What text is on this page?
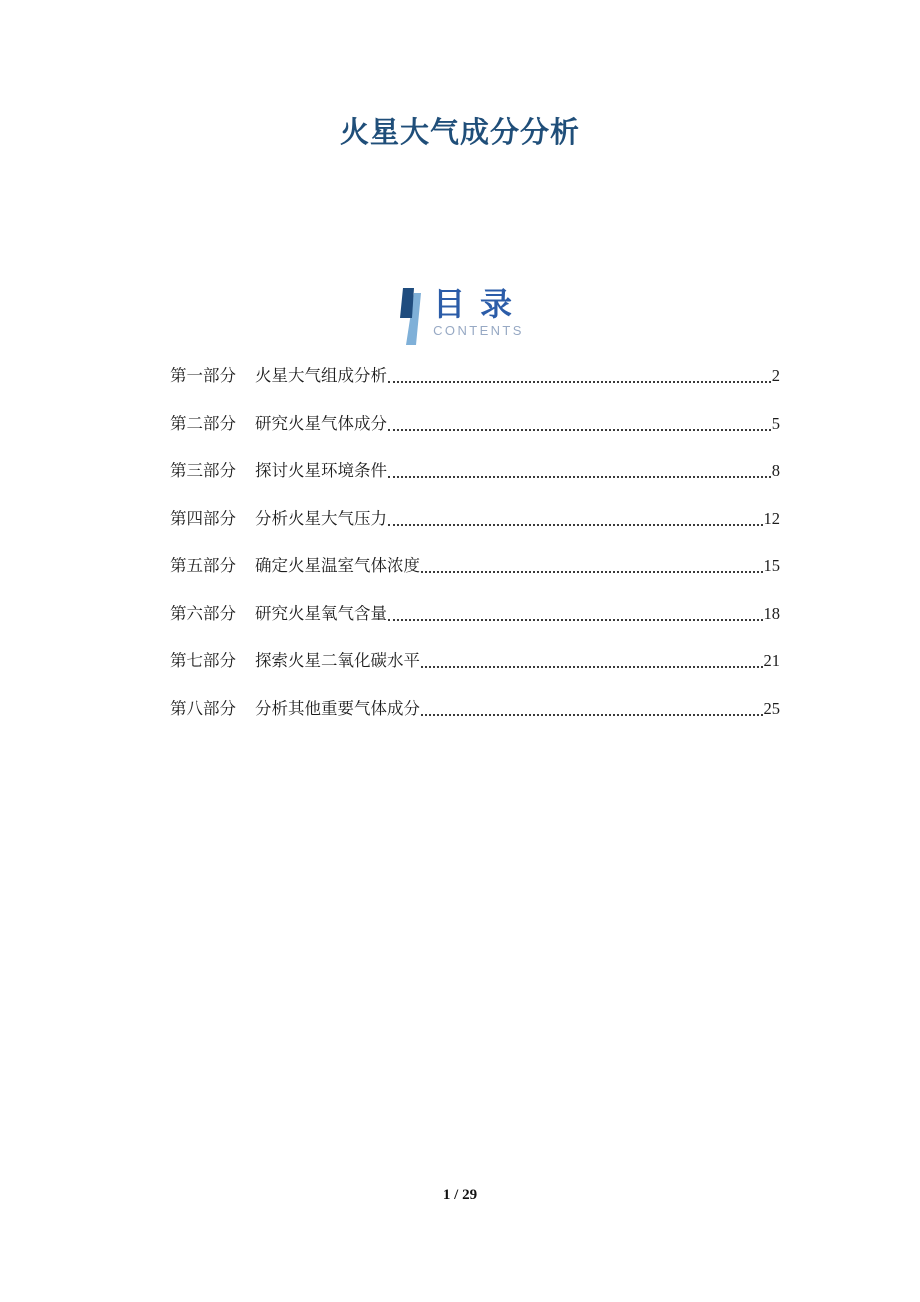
火星大气成分分析
目 录
CONTENTS
第一部分	火星大气组成分析	2
第二部分	研究火星气体成分	5
第三部分	探讨火星环境条件	8
第四部分	分析火星大气压力	12
第五部分	确定火星温室气体浓度	15
第六部分	研究火星氧气含量	18
第七部分	探索火星二氧化碳水平	21
第八部分	分析其他重要气体成分	25
1 / 29
